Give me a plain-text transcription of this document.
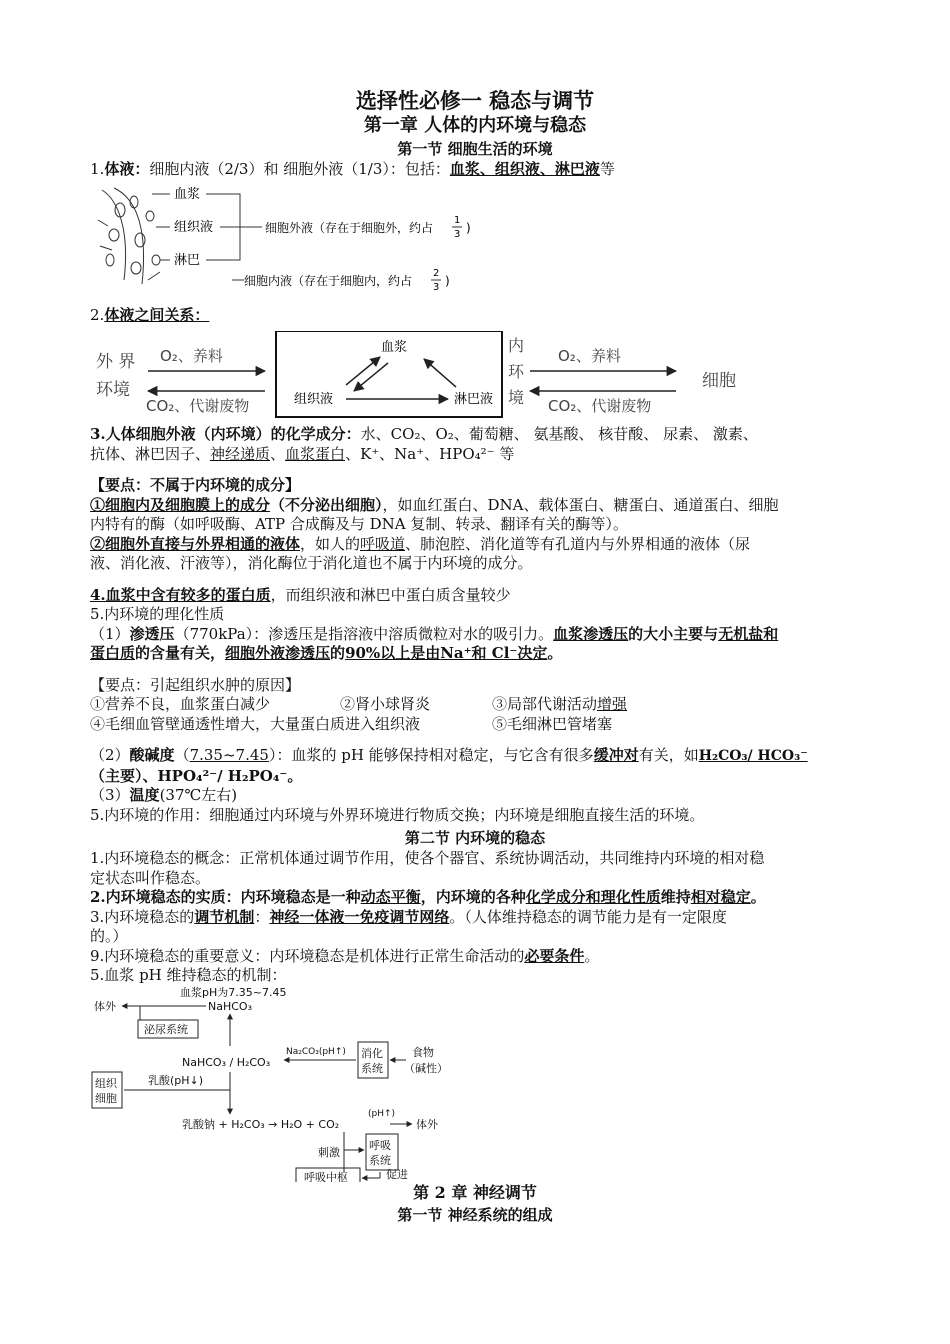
选择性必修一 稳态与调节

第一章 人体的内环境与稳态

第一节 细胞生活的环境

1.体液：细胞内液（2/3）和 细胞外液（1/3）：包括：血浆、组织液、淋巴液等

血浆
组织液
淋巴
细胞外液（存在于细胞外，约占
1
3 )
细胞内液（存在于细胞内，约占
2
3 )

2.体液之间关系：

外 界
环境
O₂、养料
CO₂、代谢废物
血浆
组织液	淋巴液
内
环
境
O₂、养料
CO₂、代谢废物
细胞

3.人体细胞外液（内环境）的化学成分：水、CO₂、O₂、葡萄糖、 氨基酸、 核苷酸、 尿素、 激素、

抗体、淋巴因子、神经递质、血浆蛋白、K⁺、Na⁺、HPO₄²⁻ 等

【要点：不属于内环境的成分】

①细胞内及细胞膜上的成分（不分泌出细胞），如血红蛋白、DNA、载体蛋白、糖蛋白、通道蛋白、细胞

内特有的酶（如呼吸酶、ATP 合成酶及与 DNA 复制、转录、翻译有关的酶等）。

②细胞外直接与外界相通的液体，如人的呼吸道、肺泡腔、消化道等有孔道内与外界相通的液体（尿

液、消化液、汗液等），消化酶位于消化道也不属于内环境的成分。

4.血浆中含有较多的蛋白质，而组织液和淋巴中蛋白质含量较少

5.内环境的理化性质

（1）渗透压（770kPa）：渗透压是指溶液中溶质微粒对水的吸引力。血浆渗透压的大小主要与无机盐和

蛋白质的含量有关，细胞外液渗透压的90%以上是由Na⁺和 Cl⁻决定。

【要点：引起组织水肿的原因】

①营养不良，血浆蛋白减少	②肾小球肾炎	③局部代谢活动增强

④毛细血管壁通透性增大，大量蛋白质进入组织液	⑤毛细淋巴管堵塞

（2）酸碱度（7.35~7.45）：血浆的 pH 能够保持相对稳定，与它含有很多缓冲对有关，如H₂CO₃/ HCO₃⁻

（主要）、HPO₄²⁻/ H₂PO₄⁻。

（3）温度(37℃左右)

5.内环境的作用：细胞通过内环境与外界环境进行物质交换；内环境是细胞直接生活的环境。

第二节 内环境的稳态

1.内环境稳态的概念：正常机体通过调节作用，使各个器官、系统协调活动，共同维持内环境的相对稳

定状态叫作稳态。

2.内环境稳态的实质：内环境稳态是一种动态平衡，内环境的各种化学成分和理化性质维持相对稳定。

3.内环境稳态的调节机制：神经一体液一免疫调节网络。（人体维持稳态的调节能力是有一定限度

的。）

9.内环境稳态的重要意义：内环境稳态是机体进行正常生命活动的必要条件。

5.血浆 pH 维持稳态的机制：

血浆pH为7.35~7.45
NaHCO₃
体外
泌尿系统
NaHCO₃ / H₂CO₃
Na₂CO₃(pH↑) 消化
系统
食物
（碱性）
组织
细胞
乳酸(pH↓)
乳酸钠 + H₂CO₃ → H₂O + CO₂
(pH↑)
体外
呼吸
系统
刺激
呼吸中枢	促进

第 2 章 神经调节

第一节 神经系统的组成
